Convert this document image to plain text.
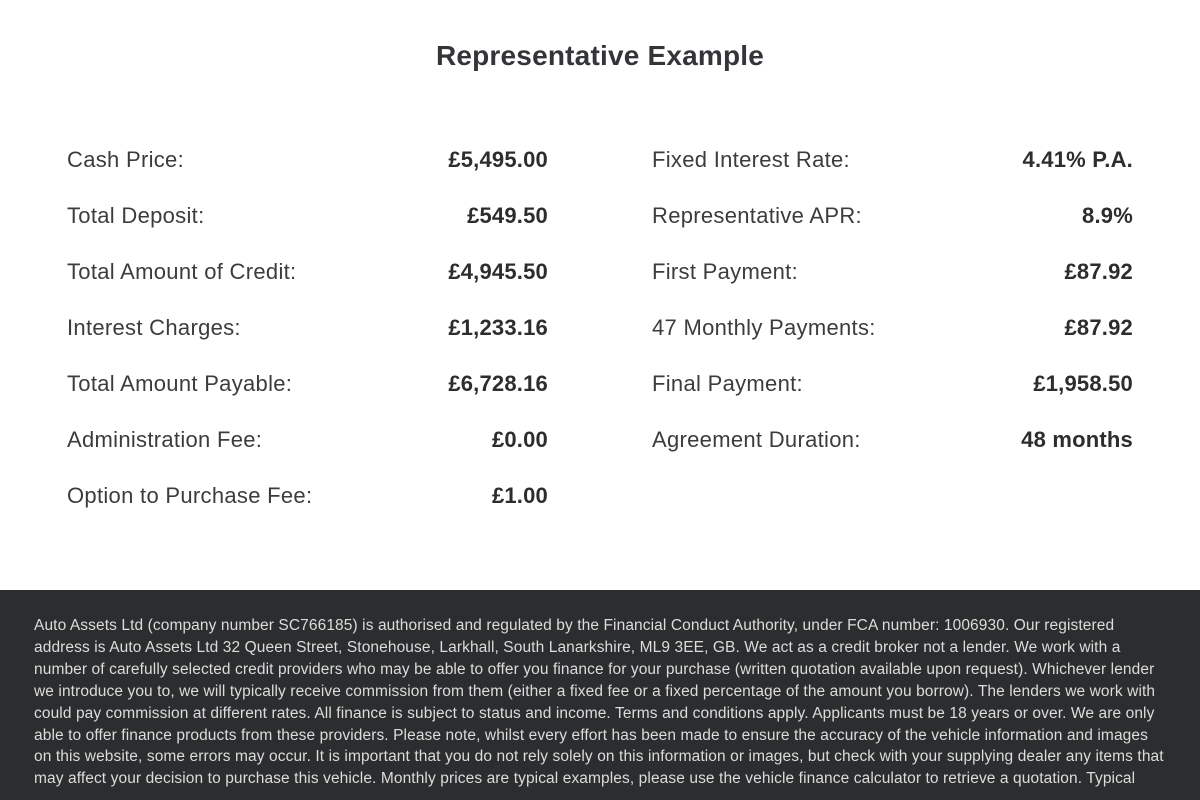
Representative Example
Cash Price:	£5,495.00
Total Deposit:	£549.50
Total Amount of Credit:	£4,945.50
Interest Charges:	£1,233.16
Total Amount Payable:	£6,728.16
Administration Fee:	£0.00
Option to Purchase Fee:	£1.00
Fixed Interest Rate:	4.41% P.A.
Representative APR:	8.9%
First Payment:	£87.92
47 Monthly Payments:	£87.92
Final Payment:	£1,958.50
Agreement Duration:	48 months

Auto Assets Ltd (company number SC766185) is authorised and regulated by the Financial Conduct Authority, under FCA number: 1006930. Our registered address is Auto Assets Ltd 32 Queen Street, Stonehouse, Larkhall, South Lanarkshire, ML9 3EE, GB. We act as a credit broker not a lender. We work with a number of carefully selected credit providers who may be able to offer you finance for your purchase (written quotation available upon request). Whichever lender we introduce you to, we will typically receive commission from them (either a fixed fee or a fixed percentage of the amount you borrow). The lenders we work with could pay commission at different rates. All finance is subject to status and income. Terms and conditions apply. Applicants must be 18 years or over. We are only able to offer finance products from these providers. Please note, whilst every effort has been made to ensure the accuracy of the vehicle information and images on this website, some errors may occur. It is important that you do not rely solely on this information or images, but check with your supplying dealer any items that may affect your decision to purchase this vehicle. Monthly prices are typical examples, please use the vehicle finance calculator to retrieve a quotation. Typical
